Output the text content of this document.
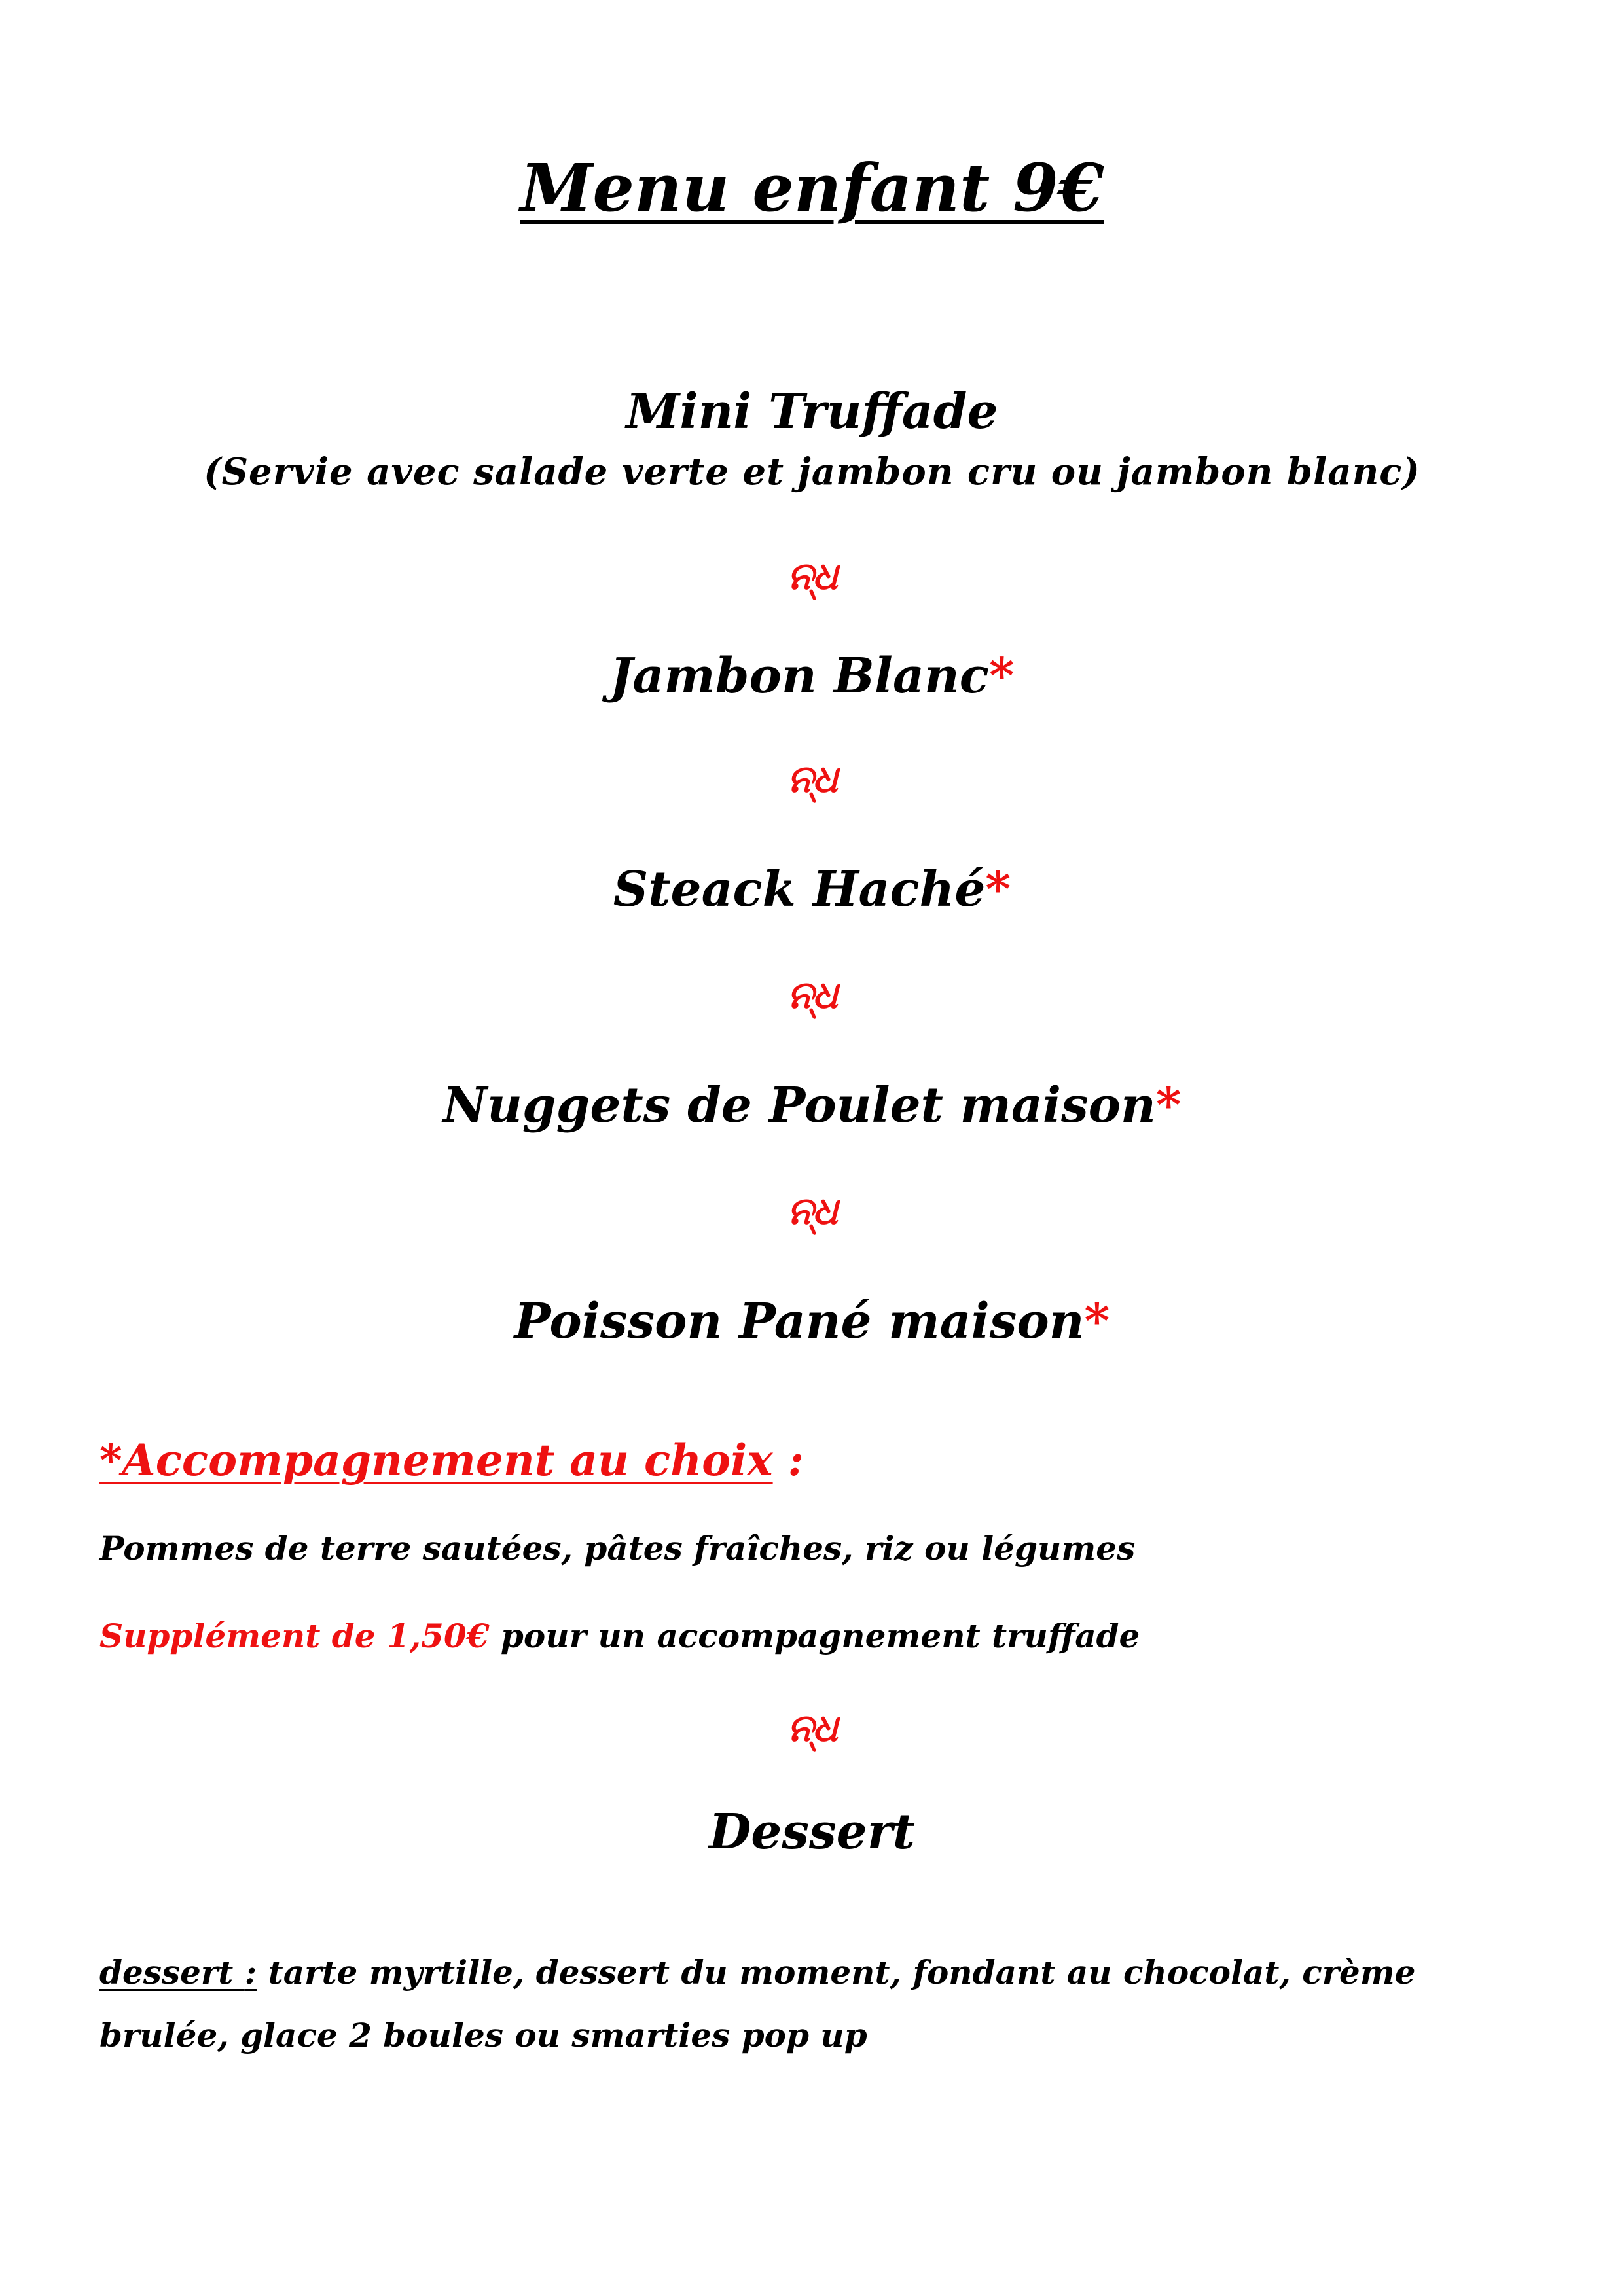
Menu enfant 9€
Mini Truffade
(Servie avec salade verte et jambon cru ou jambon blanc)
ନ୍ଧ
Jambon Blanc*
ନ୍ଧ
Steack Haché*
ନ୍ଧ
Nuggets de Poulet maison*
ନ୍ଧ
Poisson Pané maison*
*Accompagnement au choix :
Pommes de terre sautées, pâtes fraîches, riz ou légumes
Supplément de 1,50€ pour un accompagnement truffade
ନ୍ଧ
Dessert
dessert : tarte myrtille, dessert du moment, fondant au chocolat, crème brulée, glace 2 boules ou smarties pop up
